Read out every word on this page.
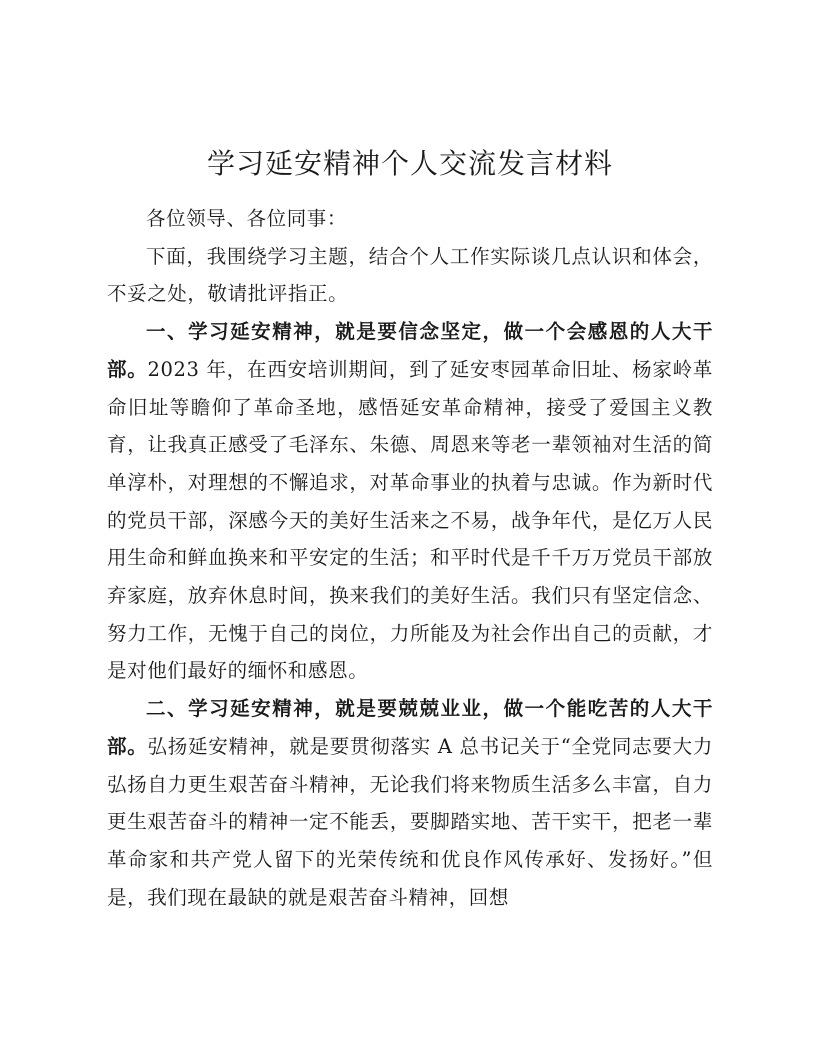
学习延安精神个人交流发言材料

各位领导、各位同事：

下面，我围绕学习主题，结合个人工作实际谈几点认识和体会，不妥之处，敬请批评指正。

一、学习延安精神，就是要信念坚定，做一个会感恩的人大干部。2023 年，在西安培训期间，到了延安枣园革命旧址、杨家岭革命旧址等瞻仰了革命圣地，感悟延安革命精神，接受了爱国主义教育，让我真正感受了毛泽东、朱德、周恩来等老一辈领袖对生活的简单淳朴，对理想的不懈追求，对革命事业的执着与忠诚。作为新时代的党员干部，深感今天的美好生活来之不易，战争年代，是亿万人民用生命和鲜血换来和平安定的生活；和平时代是千千万万党员干部放弃家庭，放弃休息时间，换来我们的美好生活。我们只有坚定信念、努力工作，无愧于自己的岗位，力所能及为社会作出自己的贡献，才是对他们最好的缅怀和感恩。

二、学习延安精神，就是要兢兢业业，做一个能吃苦的人大干部。弘扬延安精神，就是要贯彻落实 A 总书记关于“全党同志要大力弘扬自力更生艰苦奋斗精神，无论我们将来物质生活多么丰富，自力更生艰苦奋斗的精神一定不能丢，要脚踏实地、苦干实干，把老一辈革命家和共产党人留下的光荣传统和优良作风传承好、发扬好。”但是，我们现在最缺的就是艰苦奋斗精神，回想
